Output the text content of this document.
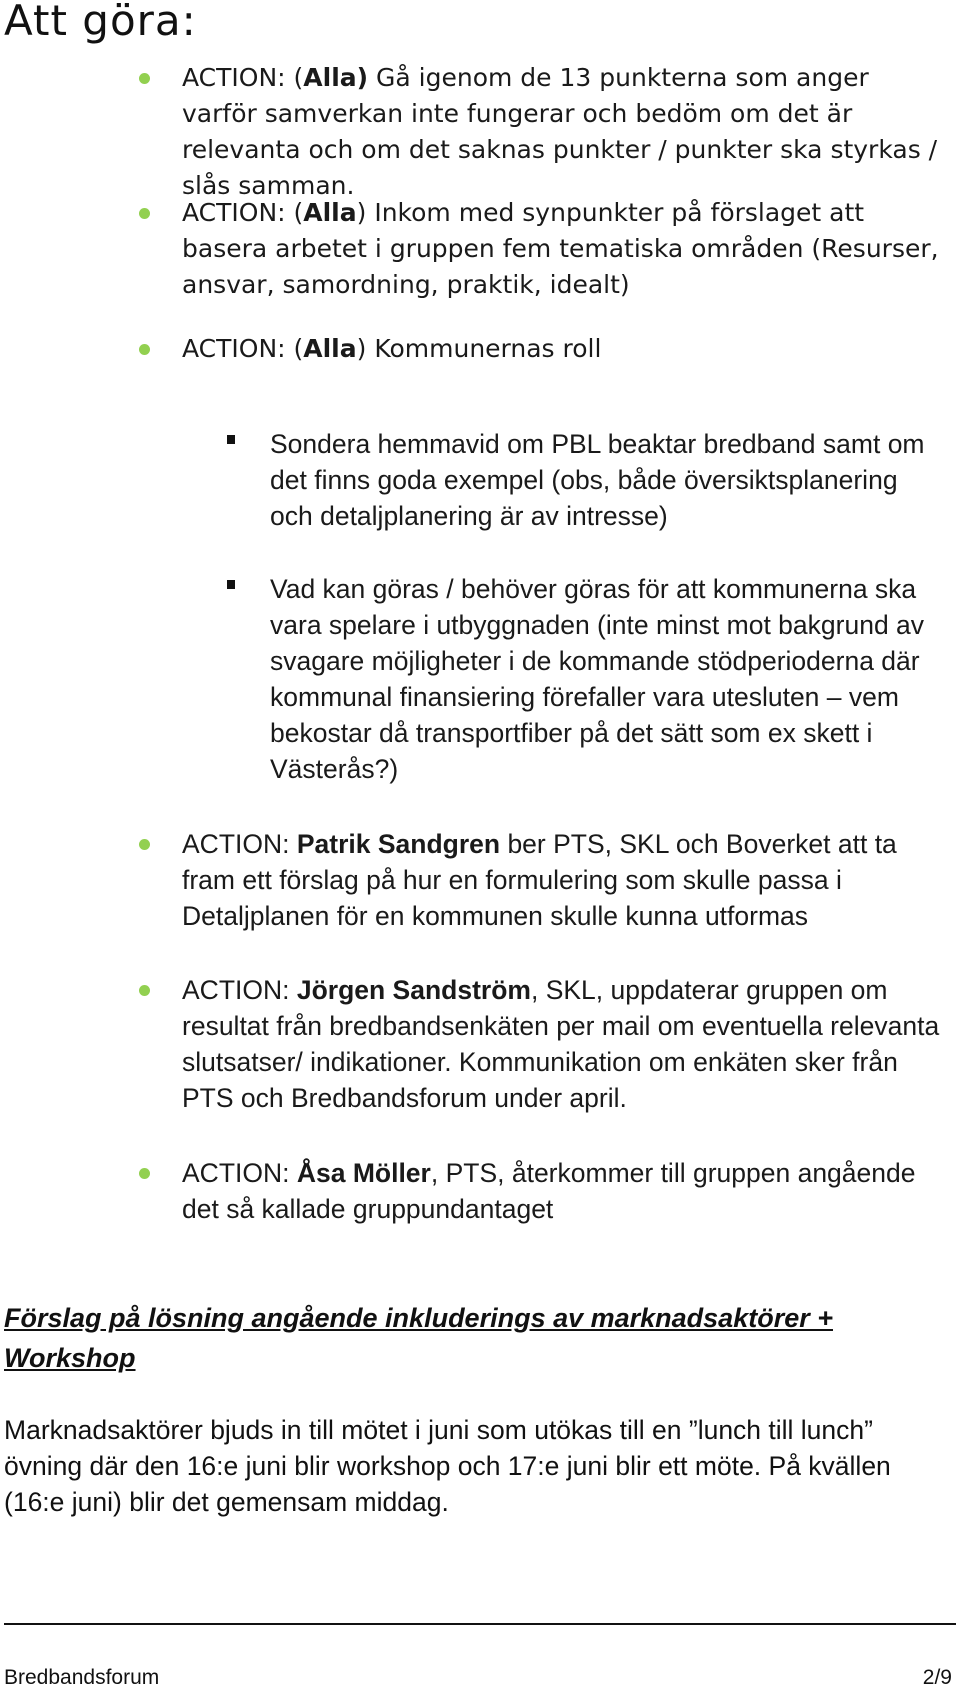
Att göra:
ACTION: (Alla) Gå igenom de 13 punkterna som anger varför samverkan inte fungerar och bedöm om det är relevanta och om det saknas punkter / punkter ska styrkas / slås samman.
ACTION: (Alla) Inkom med synpunkter på förslaget att basera arbetet i gruppen fem tematiska områden (Resurser, ansvar, samordning, praktik, idealt)
ACTION: (Alla) Kommunernas roll
Sondera hemmavid om PBL beaktar bredband samt om det finns goda exempel (obs, både översiktsplanering och detaljplanering är av intresse)
Vad kan göras / behöver göras för att kommunerna ska vara spelare i utbyggnaden (inte minst mot bakgrund av svagare möjligheter i de kommande stödperioderna där kommunal finansiering förefaller vara utesluten – vem bekostar då transportfiber på det sätt som ex skett i Västerås?)
ACTION: Patrik Sandgren ber PTS, SKL och Boverket att ta fram ett förslag på hur en formulering som skulle passa i Detaljplanen för en kommunen skulle kunna utformas
ACTION: Jörgen Sandström, SKL, uppdaterar gruppen om resultat från bredbandsenkäten per mail om eventuella relevanta slutsatser/ indikationer. Kommunikation om enkäten sker från PTS och Bredbandsforum under april.
ACTION: Åsa Möller, PTS, återkommer till gruppen angående det så kallade gruppundantaget
Förslag på lösning angående inkluderings av marknadsaktörer + Workshop
Marknadsaktörer bjuds in till mötet i juni som utökas till en ”lunch till lunch” övning där den 16:e juni blir workshop och 17:e juni blir ett möte. På kvällen (16:e juni) blir det gemensam middag.
Bredbandsforum	2/9
